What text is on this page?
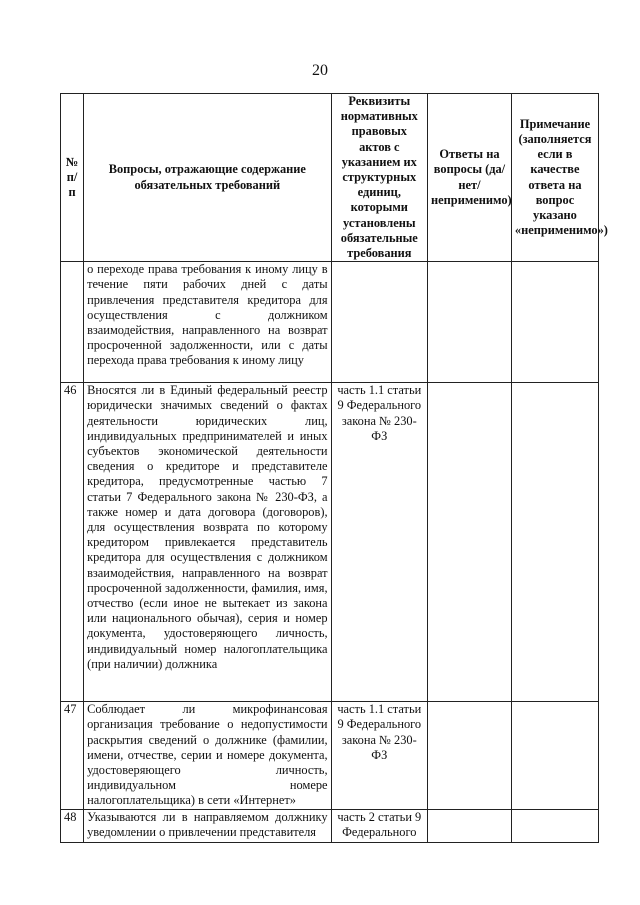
20
№ п/п	Вопросы, отражающие содержание обязательных требований	Реквизиты нормативных правовых актов с указанием их структурных единиц, которыми установлены обязательные требования	Ответы на вопросы (да/нет/ неприменимо)	Примечание (заполняется если в качестве ответа на вопрос указано «неприменимо»)
	о переходе права требования к иному лицу в течение пяти рабочих дней с даты привлечения представителя кредитора для осуществления с должником взаимодействия, направленного на возврат просроченной задолженности, или с даты перехода права требования к иному лицу			
46	Вносятся ли в Единый федеральный реестр юридически значимых сведений о фактах деятельности юридических лиц, индивидуальных предпринимателей и иных субъектов экономической деятельности сведения о кредиторе и представителе кредитора, предусмотренные частью 7 статьи 7 Федерального закона № 230-ФЗ, а также номер и дата договора (договоров), для осуществления возврата по которому кредитором привлекается представитель кредитора для осуществления с должником взаимодействия, направленного на возврат просроченной задолженности, фамилия, имя, отчество (если иное не вытекает из закона или национального обычая), серия и номер документа, удостоверяющего личность, индивидуальный номер налогоплательщика (при наличии) должника	часть 1.1 статьи 9 Федерального закона № 230-ФЗ		
47	Соблюдает ли микрофинансовая организация требование о недопустимости раскрытия сведений о должнике (фамилии, имени, отчестве, серии и номере документа, удостоверяющего личность, индивидуальном номере налогоплательщика) в сети «Интернет»	часть 1.1 статьи 9 Федерального закона № 230-ФЗ		
48	Указываются ли в направляемом должнику уведомлении о привлечении представителя	часть 2 статьи 9 Федерального		
